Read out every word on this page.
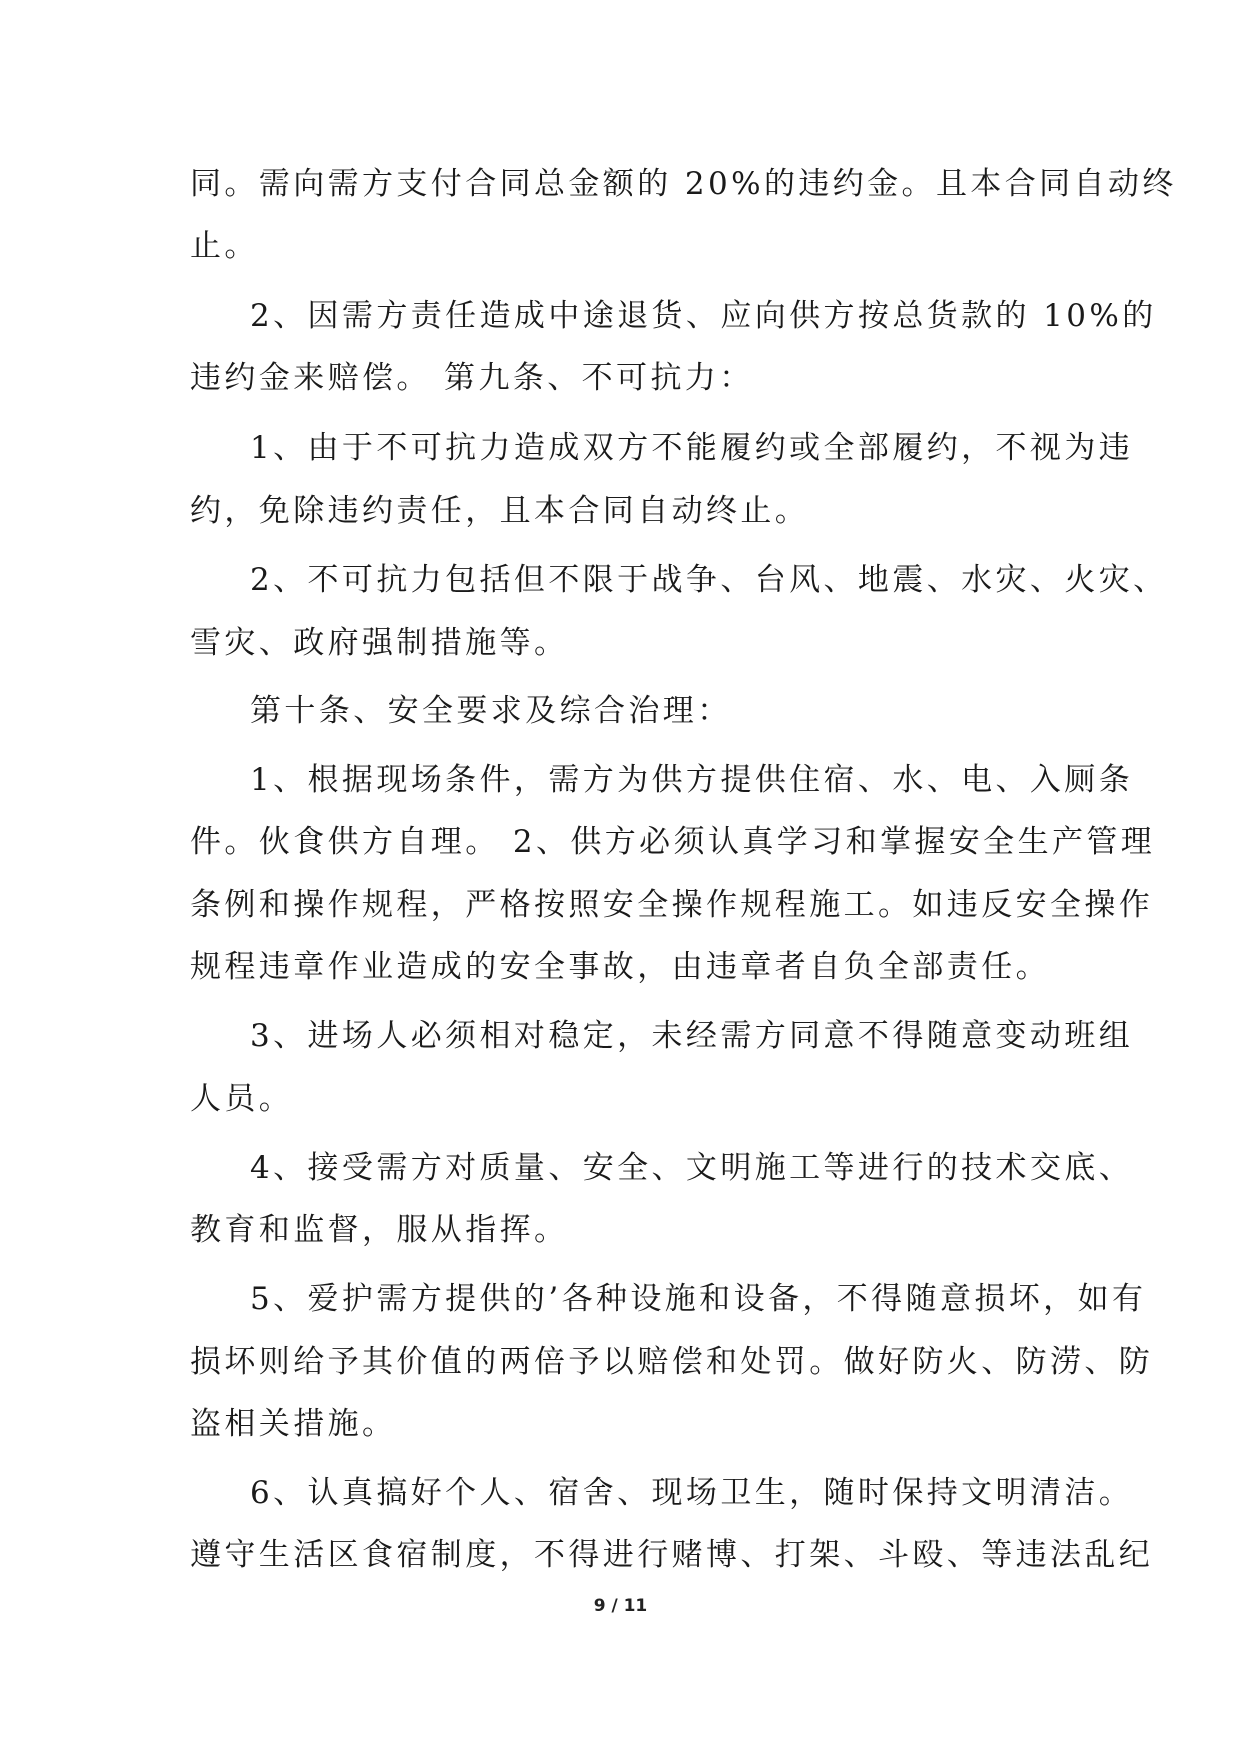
同。需向需方支付合同总金额的 20%的违约金。且本合同自动终
止。
2、因需方责任造成中途退货、应向供方按总货款的 10%的
违约金来赔偿。 第九条、不可抗力：
1、由于不可抗力造成双方不能履约或全部履约，不视为违
约，免除违约责任，且本合同自动终止。
2、不可抗力包括但不限于战争、台风、地震、水灾、火灾、
雪灾、政府强制措施等。
第十条、安全要求及综合治理：
1、根据现场条件，需方为供方提供住宿、水、电、入厕条
件。伙食供方自理。 2、供方必须认真学习和掌握安全生产管理
条例和操作规程，严格按照安全操作规程施工。如违反安全操作
规程违章作业造成的安全事故，由违章者自负全部责任。
3、进场人必须相对稳定，未经需方同意不得随意变动班组
人员。
4、接受需方对质量、安全、文明施工等进行的技术交底、
教育和监督，服从指挥。
5、爱护需方提供的’各种设施和设备，不得随意损坏，如有
损坏则给予其价值的两倍予以赔偿和处罚。做好防火、防涝、防
盗相关措施。
6、认真搞好个人、宿舍、现场卫生，随时保持文明清洁。
遵守生活区食宿制度，不得进行赌博、打架、斗殴、等违法乱纪
9 / 11
